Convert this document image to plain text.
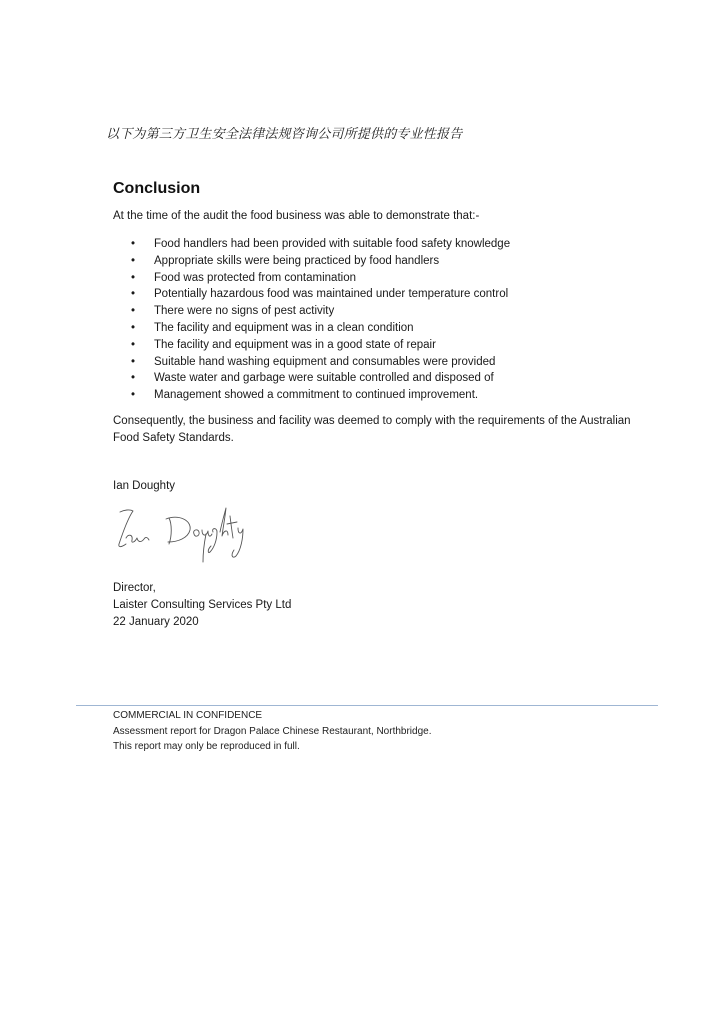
以下为第三方卫生安全法律法规咨询公司所提供的专业性报告
Conclusion
At the time of the audit the food business was able to demonstrate that:-
• Food handlers had been provided with suitable food safety knowledge
• Appropriate skills were being practiced by food handlers
• Food was protected from contamination
• Potentially hazardous food was maintained under temperature control
• There were no signs of pest activity
• The facility and equipment was in a clean condition
• The facility and equipment was in a good state of repair
• Suitable hand washing equipment and consumables were provided
• Waste water and garbage were suitable controlled and disposed of
• Management showed a commitment to continued improvement.
Consequently, the business and facility was deemed to comply with the requirements of the Australian Food Safety Standards.
Ian Doughty
Director,
Laister Consulting Services Pty Ltd
22 January 2020
COMMERCIAL IN CONFIDENCE
Assessment report for Dragon Palace Chinese Restaurant, Northbridge.
This report may only be reproduced in full.
